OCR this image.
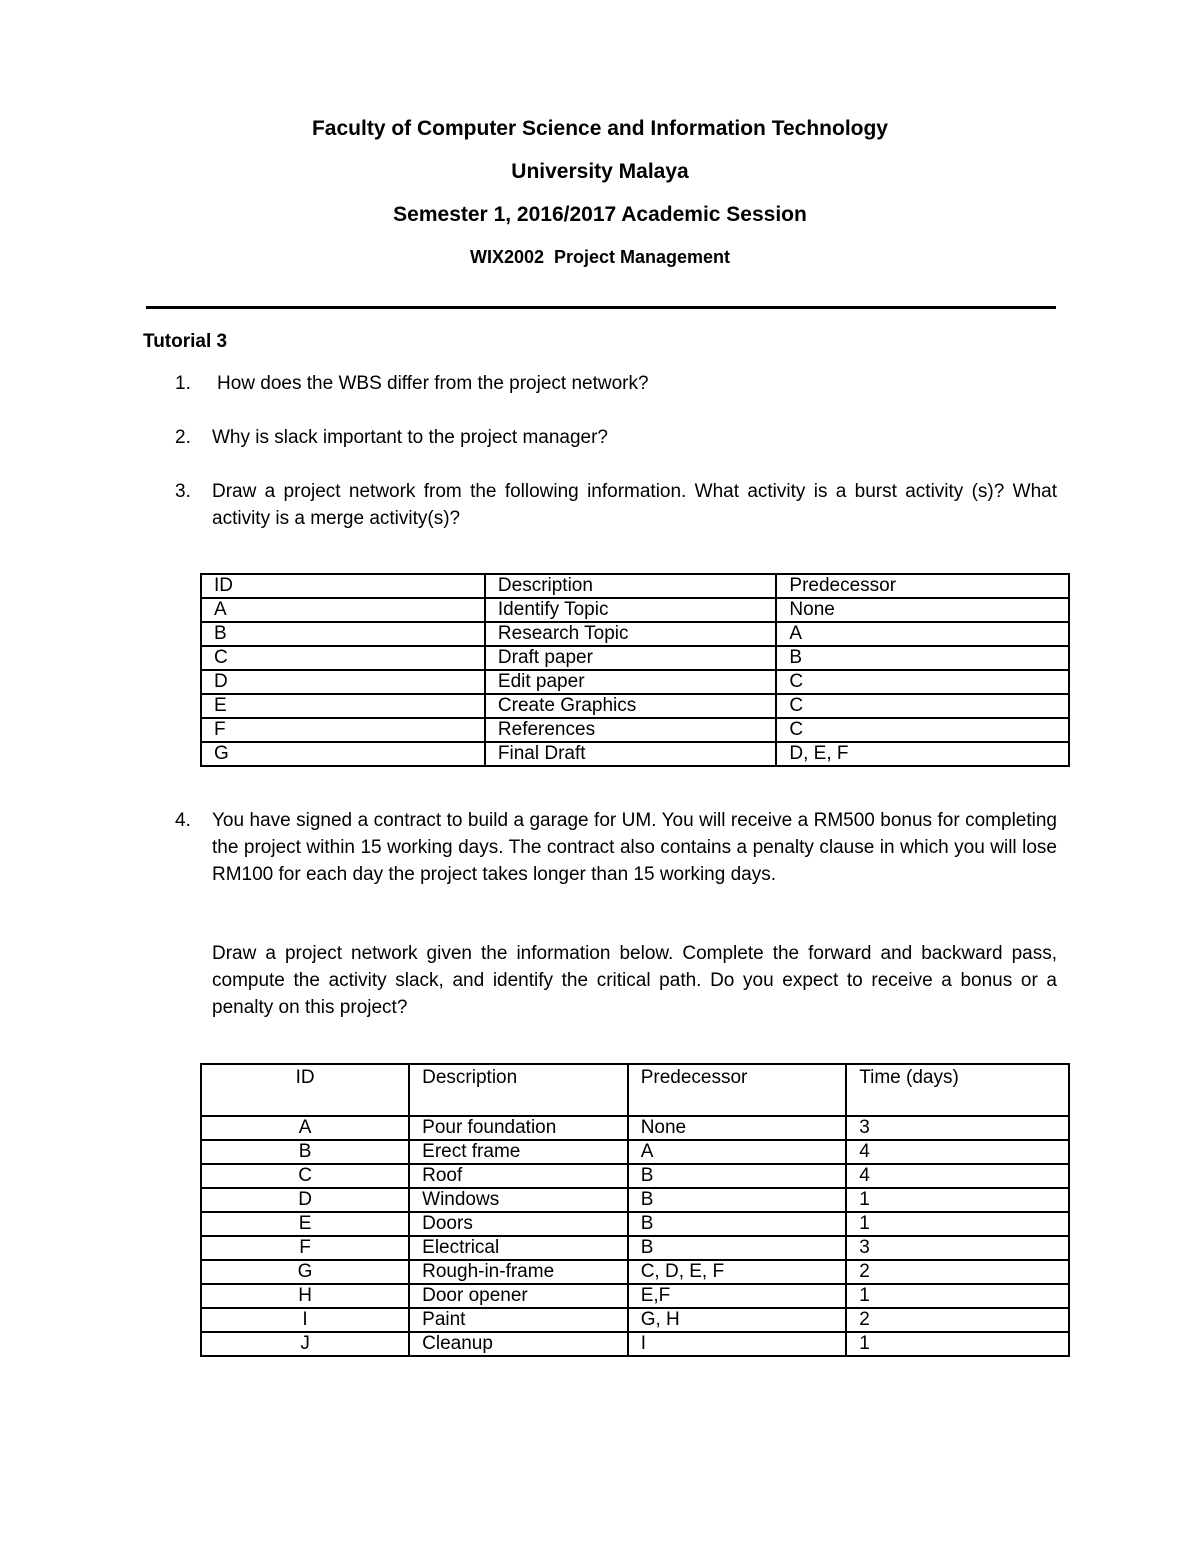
Faculty of Computer Science and Information Technology
University Malaya
Semester 1, 2016/2017 Academic Session
WIX2002  Project Management
Tutorial 3
1. How does the WBS differ from the project network?
2. Why is slack important to the project manager?
3. Draw a project network from the following information. What activity is a burst activity (s)? What activity is a merge activity(s)?
ID	Description	Predecessor
A	Identify Topic	None
B	Research Topic	A
C	Draft paper	B
D	Edit paper	C
E	Create Graphics	C
F	References	C
G	Final Draft	D, E, F
4. You have signed a contract to build a garage for UM. You will receive a RM500 bonus for completing the project within 15 working days. The contract also contains a penalty clause in which you will lose RM100 for each day the project takes longer than 15 working days.
Draw a project network given the information below. Complete the forward and backward pass, compute the activity slack, and identify the critical path. Do you expect to receive a bonus or a penalty on this project?
ID	Description	Predecessor	Time (days)
A	Pour foundation	None	3
B	Erect frame	A	4
C	Roof	B	4
D	Windows	B	1
E	Doors	B	1
F	Electrical	B	3
G	Rough-in-frame	C, D, E, F	2
H	Door opener	E,F	1
I	Paint	G, H	2
J	Cleanup	I	1
